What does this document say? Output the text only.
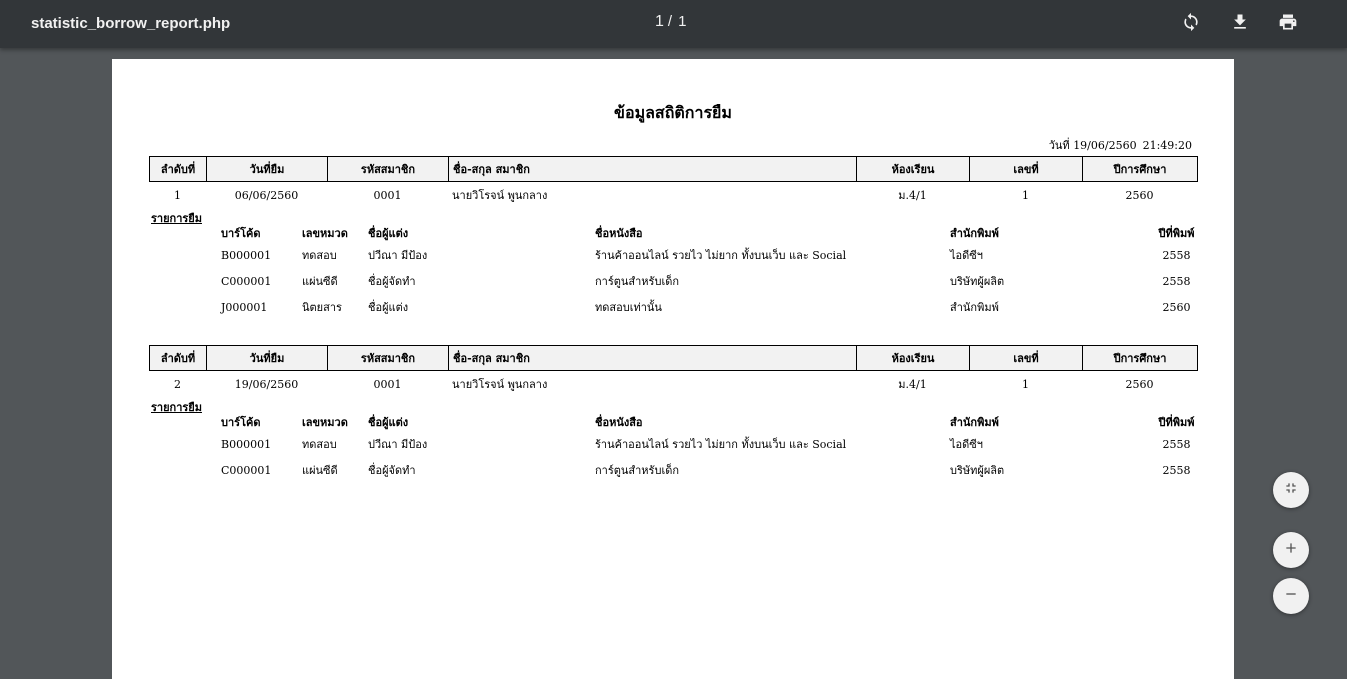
statistic_borrow_report.php	1 / 1
ข้อมูลสถิติการยืม
วันที่ 19/06/2560 21:49:20
ลำดับที่	วันที่ยืม	รหัสสมาชิก	ชื่อ-สกุล สมาชิก	ห้องเรียน	เลขที่	ปีการศึกษา
1	06/06/2560	0001	นายวิโรจน์ พูนกลาง	ม.4/1	1	2560
รายการยืม
บาร์โค้ด	เลขหมวด	ชื่อผู้แต่ง	ชื่อหนังสือ	สำนักพิมพ์	ปีที่พิมพ์
B000001	ทดสอบ	ปวีณา มีป้อง	ร้านค้าออนไลน์ รวยไว ไม่ยาก ทั้งบนเว็บ และ Social	ไอดีซีฯ	2558
C000001	แผ่นซีดี	ชื่อผู้จัดทำ	การ์ตูนสำหรับเด็ก	บริษัทผู้ผลิต	2558
J000001	นิตยสาร	ชื่อผู้แต่ง	ทดสอบเท่านั้น	สำนักพิมพ์	2560
ลำดับที่	วันที่ยืม	รหัสสมาชิก	ชื่อ-สกุล สมาชิก	ห้องเรียน	เลขที่	ปีการศึกษา
2	19/06/2560	0001	นายวิโรจน์ พูนกลาง	ม.4/1	1	2560
รายการยืม
บาร์โค้ด	เลขหมวด	ชื่อผู้แต่ง	ชื่อหนังสือ	สำนักพิมพ์	ปีที่พิมพ์
B000001	ทดสอบ	ปวีณา มีป้อง	ร้านค้าออนไลน์ รวยไว ไม่ยาก ทั้งบนเว็บ และ Social	ไอดีซีฯ	2558
C000001	แผ่นซีดี	ชื่อผู้จัดทำ	การ์ตูนสำหรับเด็ก	บริษัทผู้ผลิต	2558
